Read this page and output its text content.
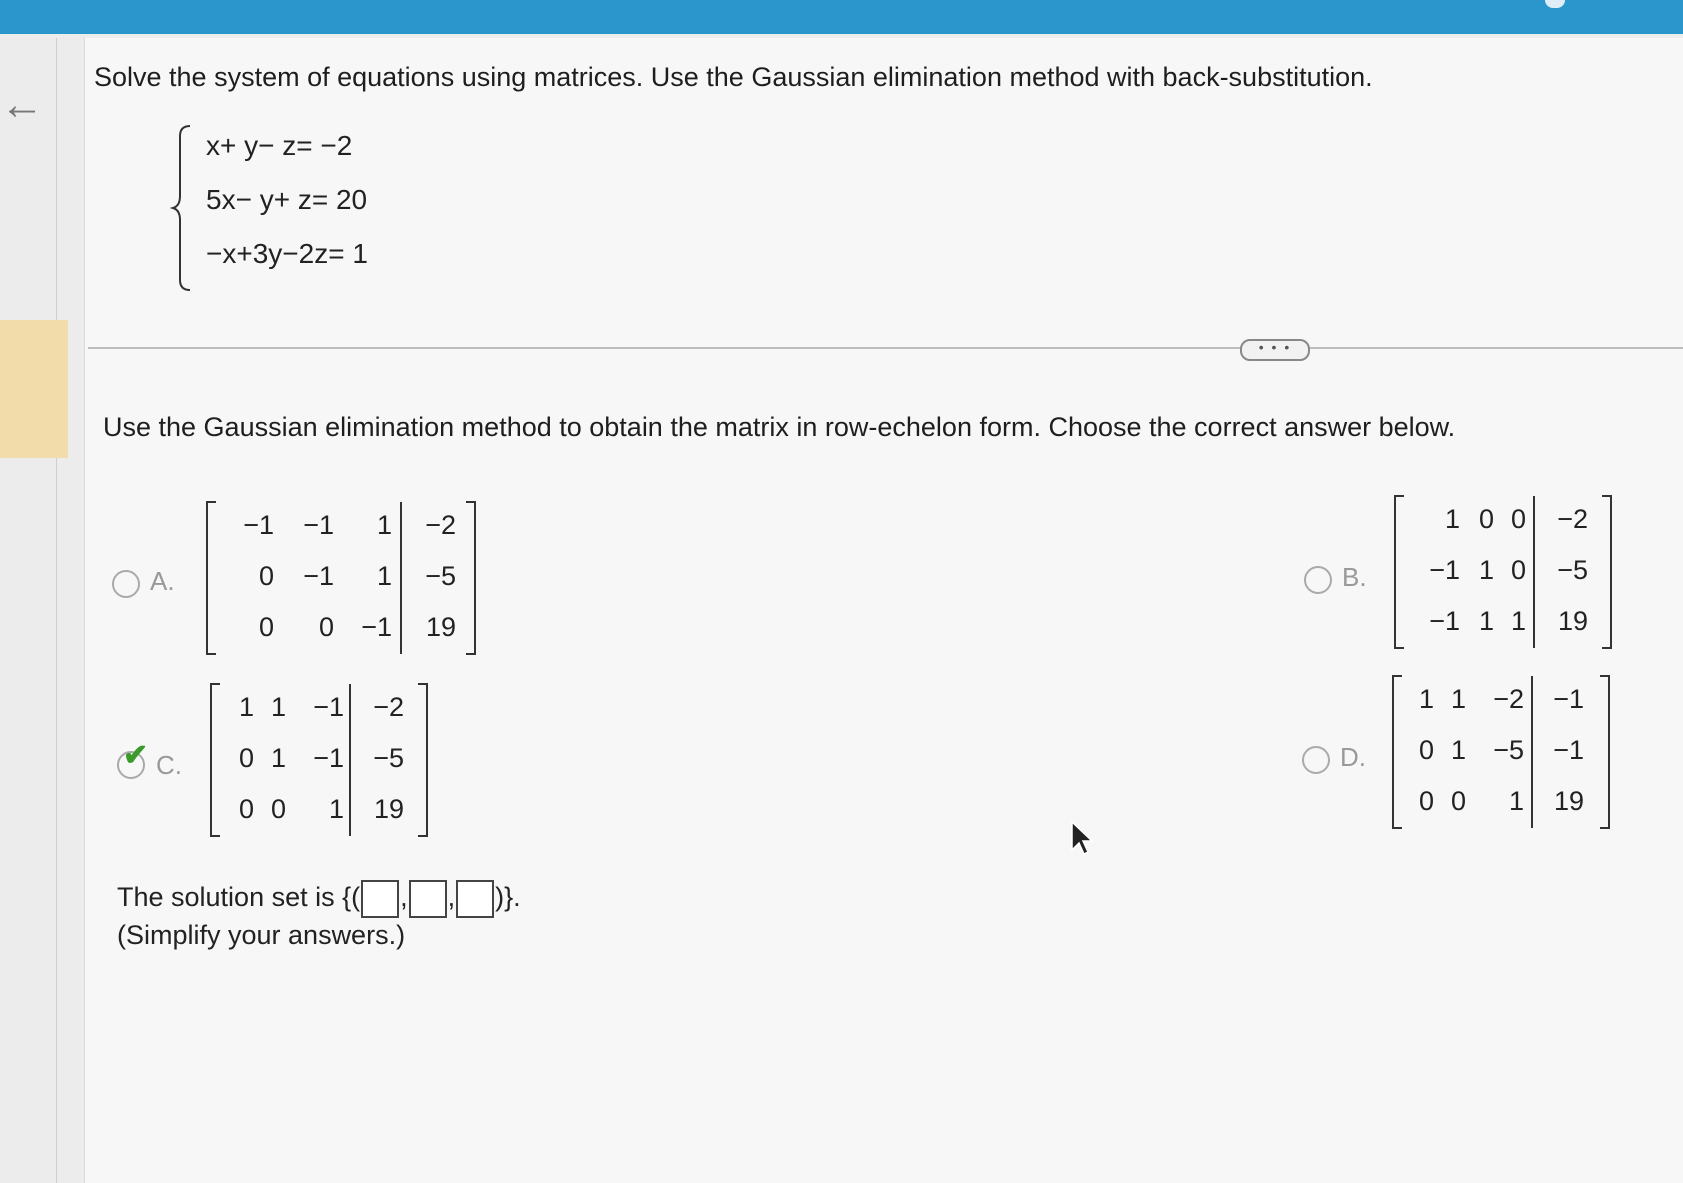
←
Solve the system of equations using matrices. Use the Gaussian elimination method with back-substitution.
x+ y− z= −2
5x− y+ z= 20
−x+3y−2z= 1
• • •
Use the Gaussian elimination method to obtain the matrix in row-echelon form. Choose the correct answer below.
A.
−1	−1	1	−2
0	−1	1	−5
0	0	−1	19
B.
1 0 0	−2
−1 1 0	−5
−1 1 1	19
✔ C.
1 1	−1	−2
0 1	−1	−5
0 0	1	19
D.
1 1	−2	−1
0 1	−5	−1
0 0	1	19
The solution set is {( , , )}.
(Simplify your answers.)
